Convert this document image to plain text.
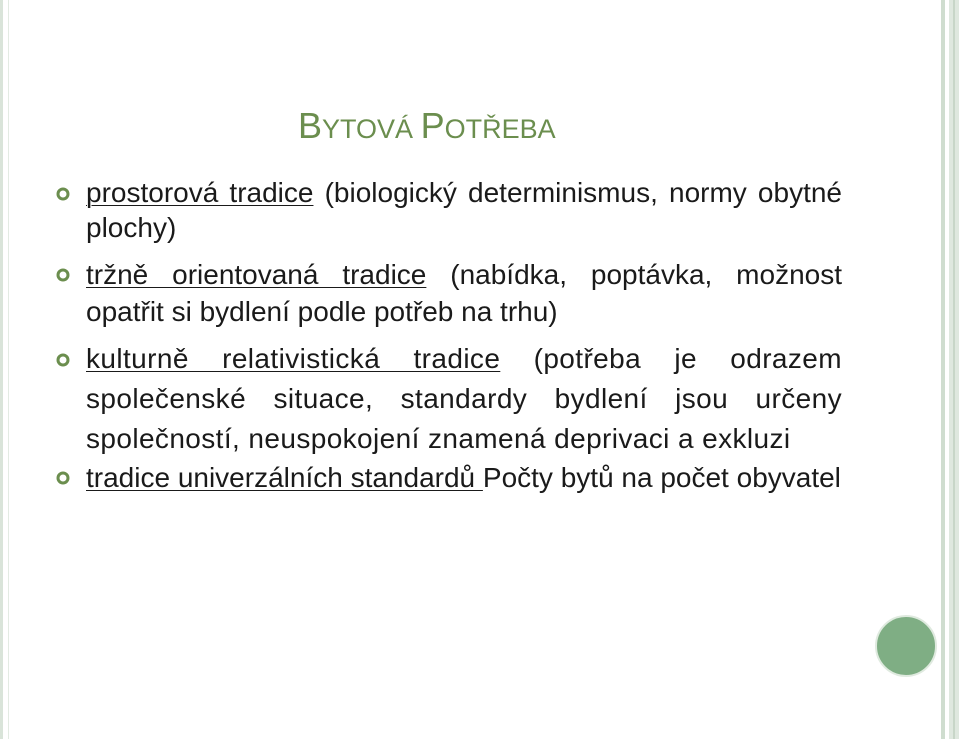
BYTOVÁ POTŘEBA
prostorová tradice (biologický determinismus, normy obytné plochy)
tržně orientovaná tradice (nabídka, poptávka, možnost opatřit si bydlení podle potřeb na trhu)
kulturně relativistická tradice (potřeba je odrazem společenské situace, standardy bydlení jsou určeny společností, neuspokojení znamená deprivaci a exkluzi
tradice univerzálních standardů Počty bytů na počet obyvatel
